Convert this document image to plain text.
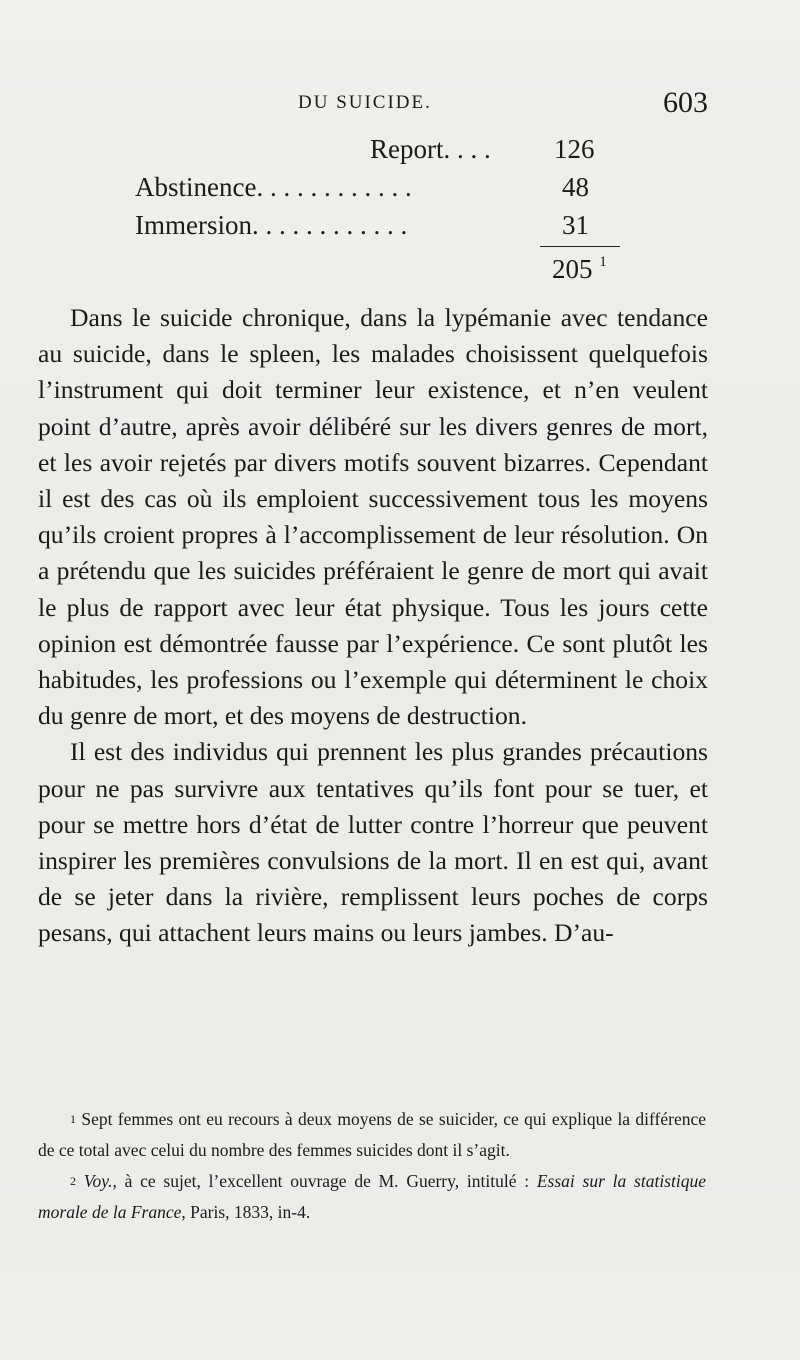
DU SUICIDE.	603
Report. . . . 126
Abstinence. . . . . . . . . . . .	48
Immersion. . . . . . . . . . . .	31
205 $^1$

Dans le suicide chronique, dans la lypémanie avec tendance au suicide, dans le spleen, les malades choisissent quelquefois l’instrument qui doit terminer leur existence, et n’en veulent point d’autre, après avoir délibéré sur les divers genres de mort, et les avoir rejetés par divers motifs souvent bizarres. Cependant il est des cas où ils emploient successivement tous les moyens qu’ils croient propres à l’accomplissement de leur résolution. On a prétendu que les suicides préféraient le genre de mort qui avait le plus de rapport avec leur état physique. Tous les jours cette opinion est démontrée fausse par l’expérience. Ce sont plutôt les habitudes, les professions ou l’exemple qui déterminent le choix du genre de mort, et des moyens de destruction.

Il est des individus qui prennent les plus grandes précautions pour ne pas survivre aux tentatives qu’ils font pour se tuer, et pour se mettre hors d’état de lutter contre l’horreur que peuvent inspirer les premières convulsions de la mort. Il en est qui, avant de se jeter dans la rivière, remplissent leurs poches de corps pesans, qui attachent leurs mains ou leurs jambes. D’au-

$^1$ Sept femmes ont eu recours à deux moyens de se suicider, ce qui explique la différence de ce total avec celui du nombre des femmes suicides dont il s’agit.

$^2$ Voy., à ce sujet, l’excellent ouvrage de M. Guerry, intitulé : Essai sur la statistique morale de la France, Paris, 1833, in-4.
